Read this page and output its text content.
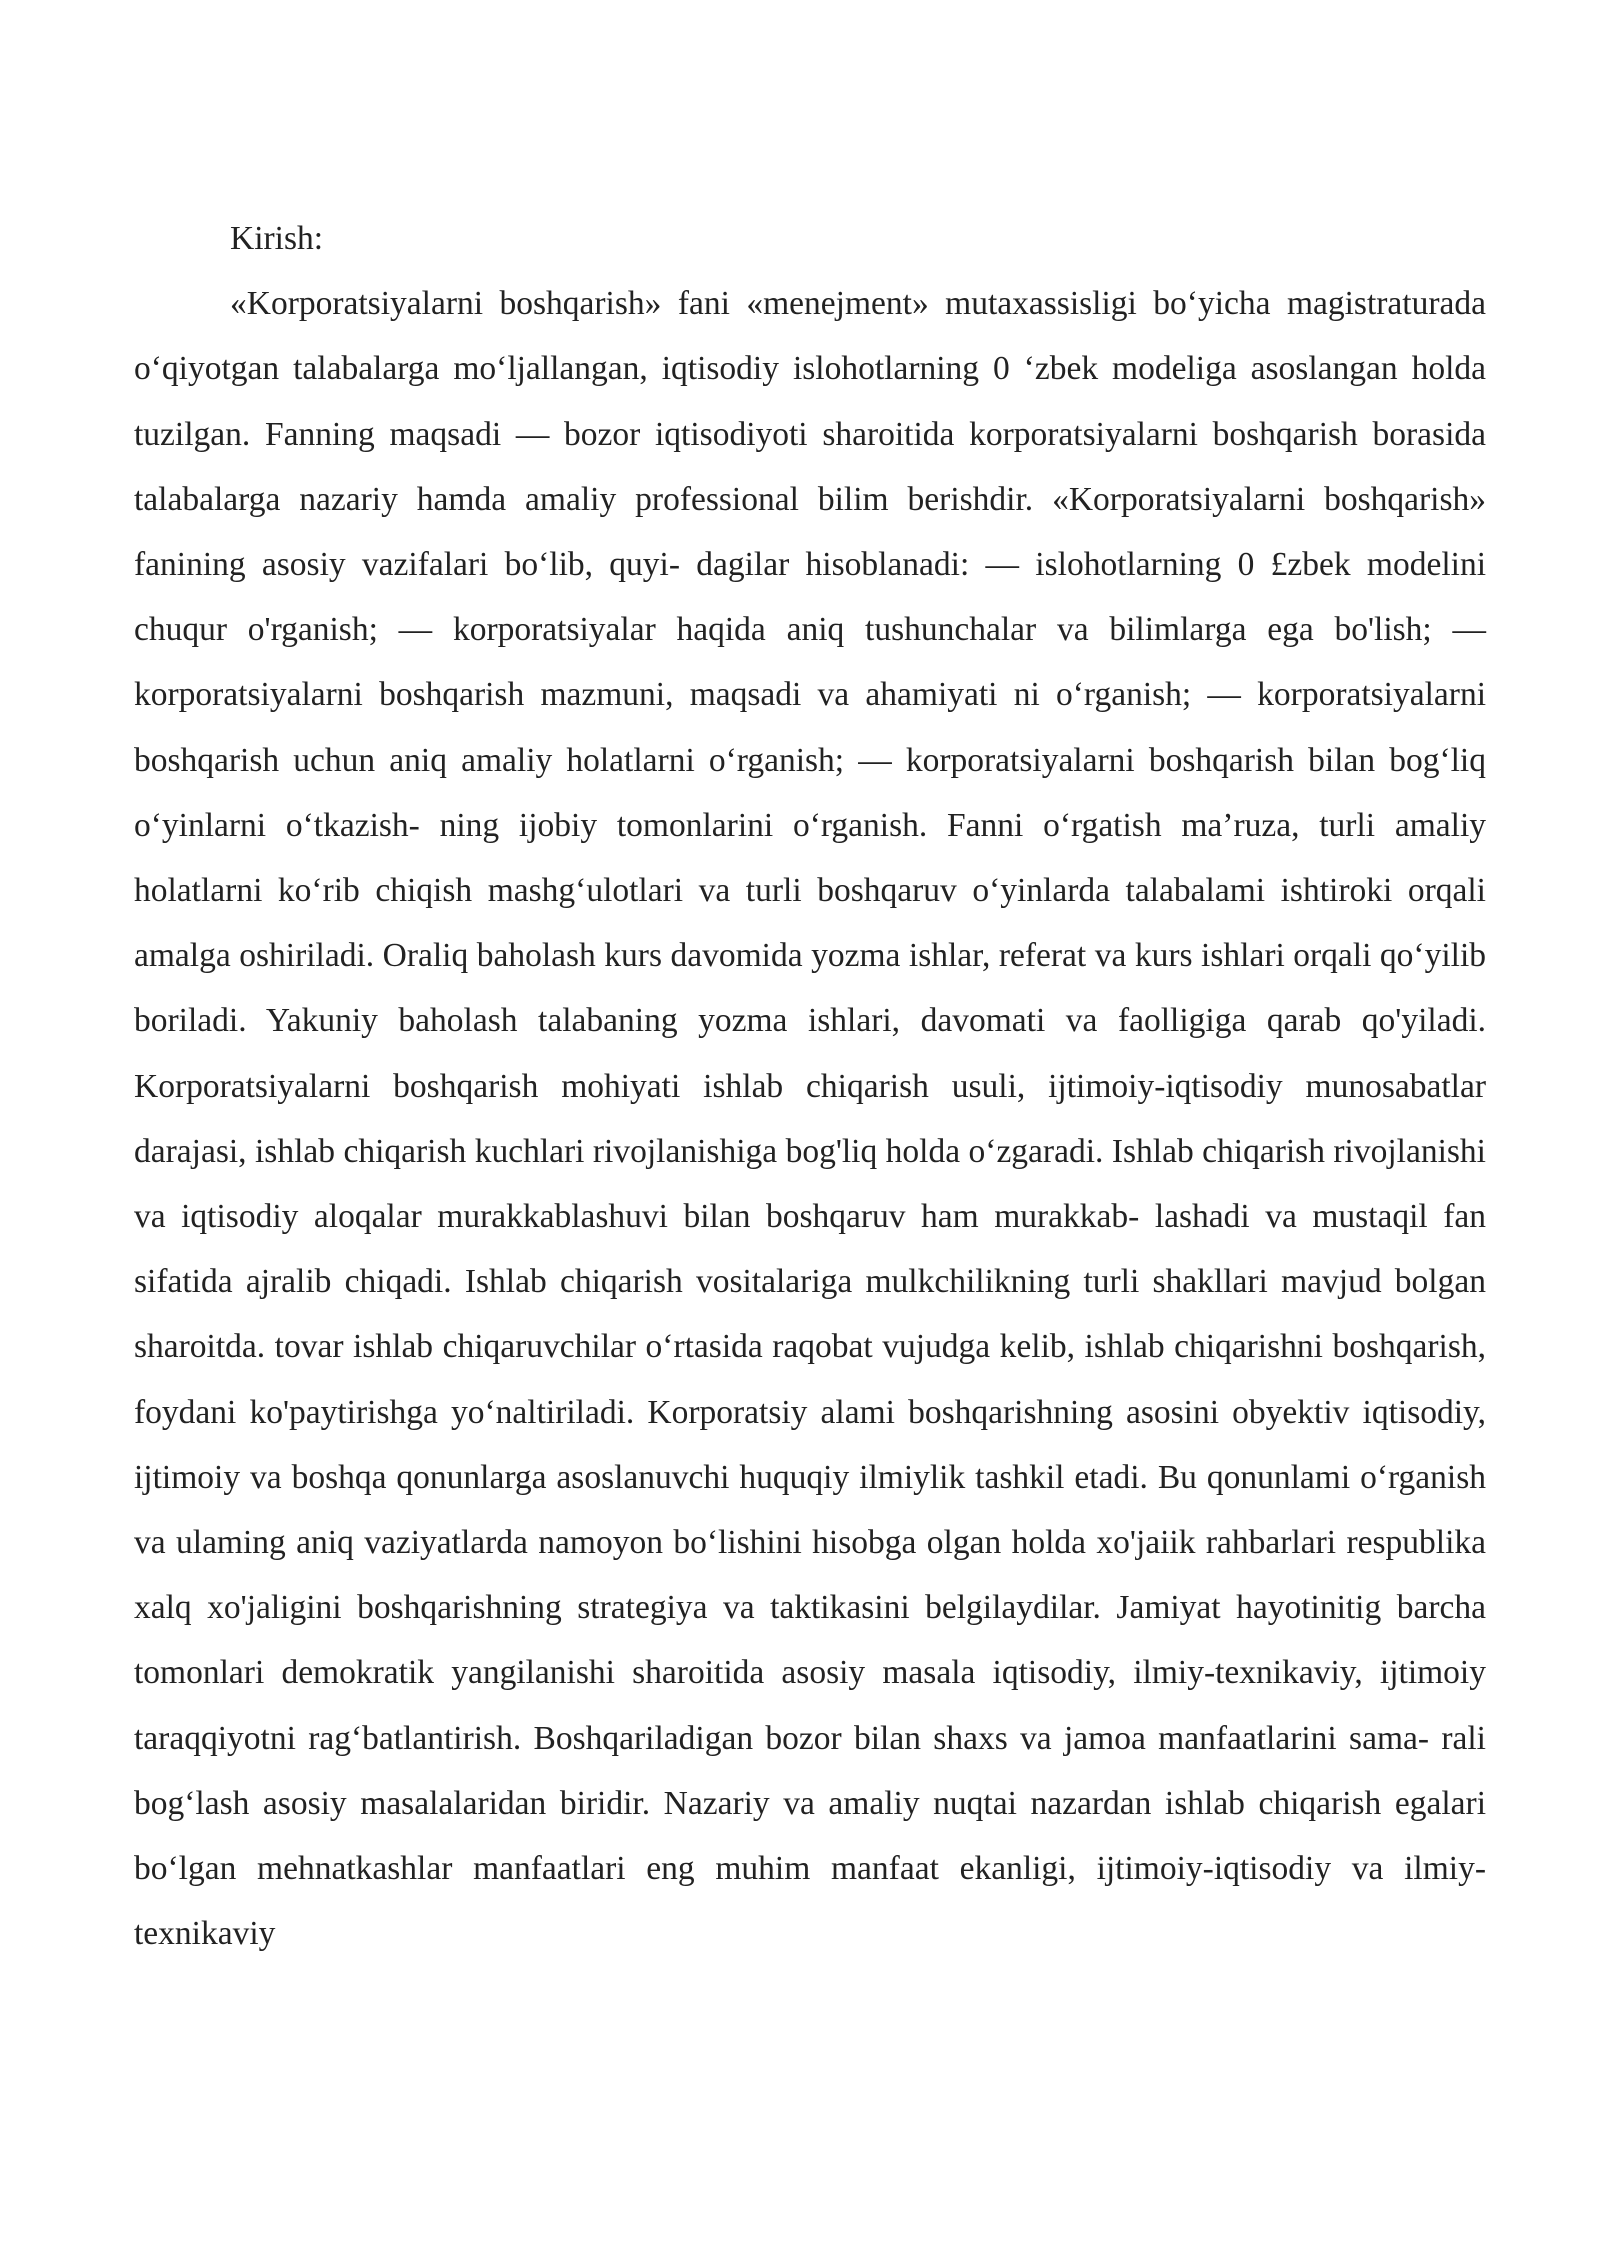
Kirish:

«Korporatsiyalarni boshqarish» fani «menejment» mutaxassisligi bo‘yicha magistraturada o‘qiyotgan talabalarga mo‘ljallangan, iqtisodiy islohotlarning 0 ‘zbek modeliga asoslangan holda tuzilgan. Fanning maqsadi — bozor iqtisodiyoti sharoitida korporatsiyalarni boshqarish borasida talabalarga nazariy hamda amaliy professional bilim berishdir. «Korporatsiyalarni boshqarish» fanining asosiy vazifalari bo‘lib, quyi- dagilar hisoblanadi: — islohotlarning 0 £zbek modelini chuqur o'rganish; — korporatsiyalar haqida aniq tushunchalar va bilimlarga ega bo'lish; — korporatsiyalarni boshqarish mazmuni, maqsadi va ahamiyati ni o‘rganish; — korporatsiyalarni boshqarish uchun aniq amaliy holatlarni o‘rganish; — korporatsiyalarni boshqarish bilan bog‘liq o‘yinlarni o‘tkazish- ning ijobiy tomonlarini o‘rganish. Fanni o‘rgatish ma’ruza, turli amaliy holatlarni ko‘rib chiqish mashg‘ulotlari va turli boshqaruv o‘yinlarda talabalami ishtiroki orqali amalga oshiriladi. Oraliq baholash kurs davomida yozma ishlar, referat va kurs ishlari orqali qo‘yilib boriladi. Yakuniy baholash talabaning yozma ishlari, davomati va faolligiga qarab qo'yiladi. Korporatsiyalarni boshqarish mohiyati ishlab chiqarish usuli, ijtimoiy-iqtisodiy munosabatlar darajasi, ishlab chiqarish kuchlari rivojlanishiga bog'liq holda o‘zgaradi. Ishlab chiqarish rivojlanishi va iqtisodiy aloqalar murakkablashuvi bilan boshqaruv ham murakkab- lashadi va mustaqil fan sifatida ajralib chiqadi. Ishlab chiqarish vositalariga mulkchilikning turli shakllari mavjud bolgan sharoitda. tovar ishlab chiqaruvchilar o‘rtasida raqobat vujudga kelib, ishlab chiqarishni boshqarish, foydani ko'paytirishga yo‘naltiriladi. Korporatsiy alami boshqarishning asosini obyektiv iqtisodiy, ijtimoiy va boshqa qonunlarga asoslanuvchi huquqiy ilmiylik tashkil etadi. Bu qonunlami o‘rganish va ulaming aniq vaziyatlarda namoyon bo‘lishini hisobga olgan holda xo'jaiik rahbarlari respublika xalq xo'jaligini boshqarishning strategiya va taktikasini belgilaydilar. Jamiyat hayotinitig barcha tomonlari demokratik yangilanishi sharoitida asosiy masala iqtisodiy, ilmiy-texnikaviy, ijtimoiy taraqqiyotni rag‘batlantirish. Boshqariladigan bozor bilan shaxs va jamoa manfaatlarini sama- rali bog‘lash asosiy masalalaridan biridir. Nazariy va amaliy nuqtai nazardan ishlab chiqarish egalari bo‘lgan mehnatkashlar manfaatlari eng muhim manfaat ekanligi, ijtimoiy-iqtisodiy va ilmiy-texnikaviy
